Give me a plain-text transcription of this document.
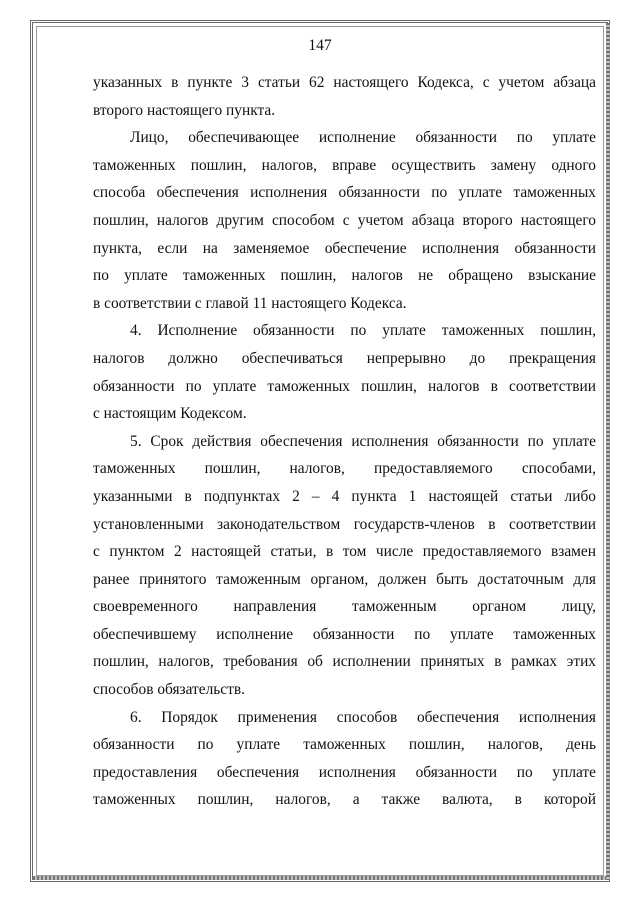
147

указанных в пункте 3 статьи 62 настоящего Кодекса, с учетом абзаца
второго настоящего пункта.

Лицо, обеспечивающее исполнение обязанности по уплате
таможенных пошлин, налогов, вправе осуществить замену одного
способа обеспечения исполнения обязанности по уплате таможенных
пошлин, налогов другим способом с учетом абзаца второго настоящего
пункта, если на заменяемое обеспечение исполнения обязанности
по уплате таможенных пошлин, налогов не обращено взыскание
в соответствии с главой 11 настоящего Кодекса.

4. Исполнение обязанности по уплате таможенных пошлин,
налогов должно обеспечиваться непрерывно до прекращения
обязанности по уплате таможенных пошлин, налогов в соответствии
с настоящим Кодексом.

5. Срок действия обеспечения исполнения обязанности по уплате
таможенных пошлин, налогов, предоставляемого способами,
указанными в подпунктах 2 – 4 пункта 1 настоящей статьи либо
установленными законодательством государств-членов в соответствии
с пунктом 2 настоящей статьи, в том числе предоставляемого взамен
ранее принятого таможенным органом, должен быть достаточным для
своевременного направления таможенным органом лицу,
обеспечившему исполнение обязанности по уплате таможенных
пошлин, налогов, требования об исполнении принятых в рамках этих
способов обязательств.

6. Порядок применения способов обеспечения исполнения
обязанности по уплате таможенных пошлин, налогов, день
предоставления обеспечения исполнения обязанности по уплате
таможенных пошлин, налогов, а также валюта, в которой
